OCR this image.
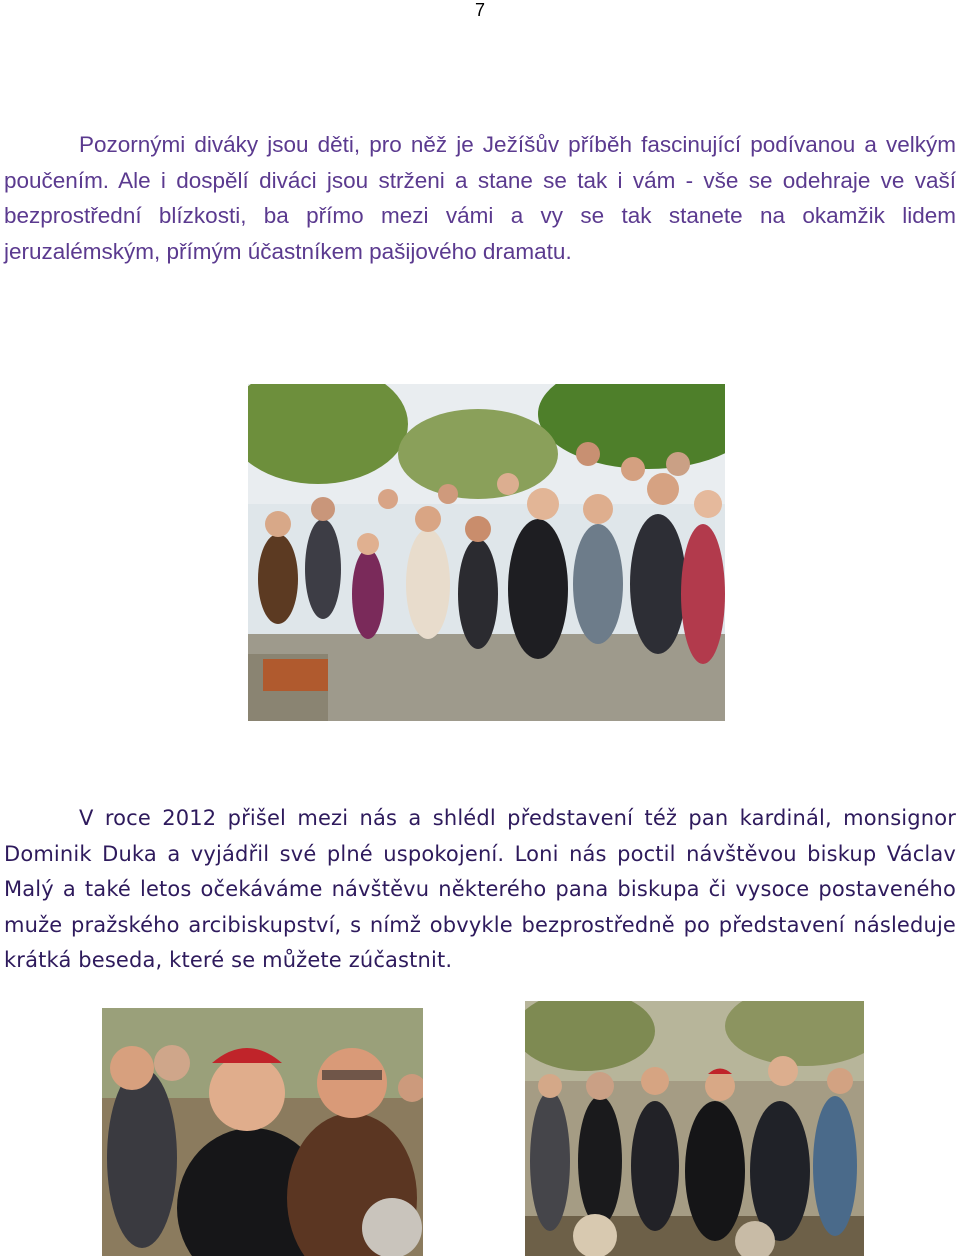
7

Pozornými diváky jsou děti, pro něž je Ježíšův příběh fascinující podívanou a velkým poučením. Ale i dospělí diváci jsou strženi a stane se tak i vám - vše se odehraje ve vaší bezprostřední blízkosti, ba přímo mezi vámi a vy se tak stanete na okamžik lidem jeruzalémským, přímým účastníkem pašijového dramatu.

V roce 2012 přišel mezi nás a shlédl představení též pan kardinál, monsignor Dominik Duka a vyjádřil své plné uspokojení. Loni nás poctil návštěvou biskup Václav Malý a také letos očekáváme návštěvu některého pana biskupa či vysoce postaveného muže pražského arcibiskupství, s nímž obvykle bezprostředně po představení následuje krátká beseda, které se můžete zúčastnit.
